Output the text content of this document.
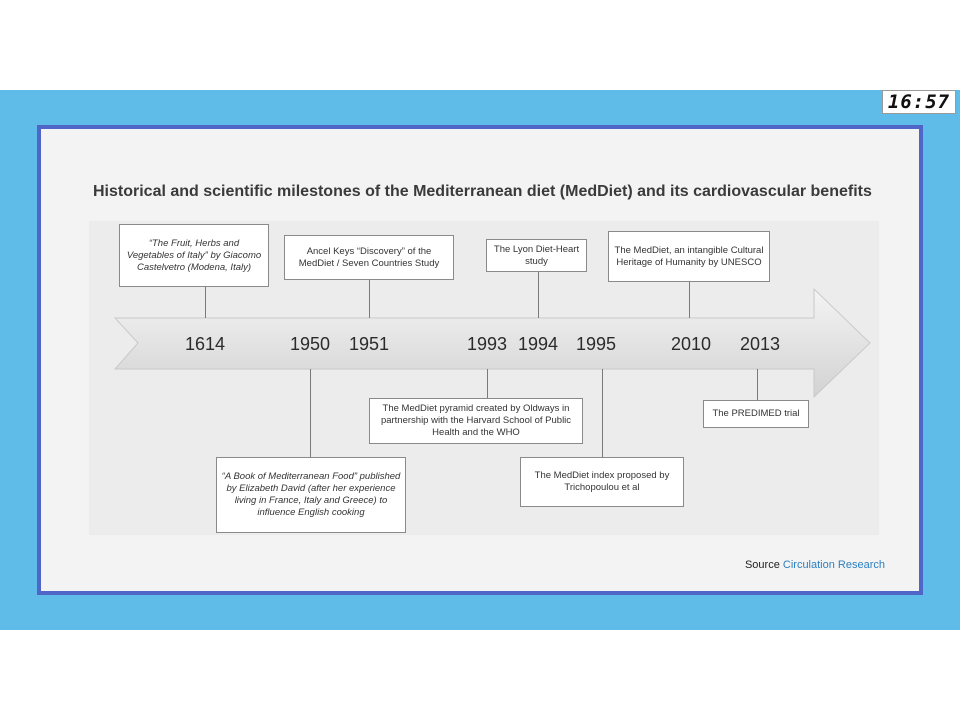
16:57
Historical and scientific milestones of the Mediterranean diet (MedDiet) and its cardiovascular benefits
1614	1950 1951	1993 1994 1995	2010 2013
“The Fruit, Herbs and Vegetables of Italy” by Giacomo Castelvetro (Modena, Italy)
Ancel Keys “Discovery” of the MedDiet / Seven Countries Study
The Lyon Diet-Heart study
The MedDiet, an intangible Cultural Heritage of Humanity by UNESCO
The MedDiet pyramid created by Oldways in partnership with the Harvard School of Public Health and the WHO
The PREDIMED trial
“A Book of Mediterranean Food” published by Elizabeth David (after her experience living in France, Italy and Greece) to influence English cooking
The MedDiet index proposed by Trichopoulou et al
Source Circulation Research
